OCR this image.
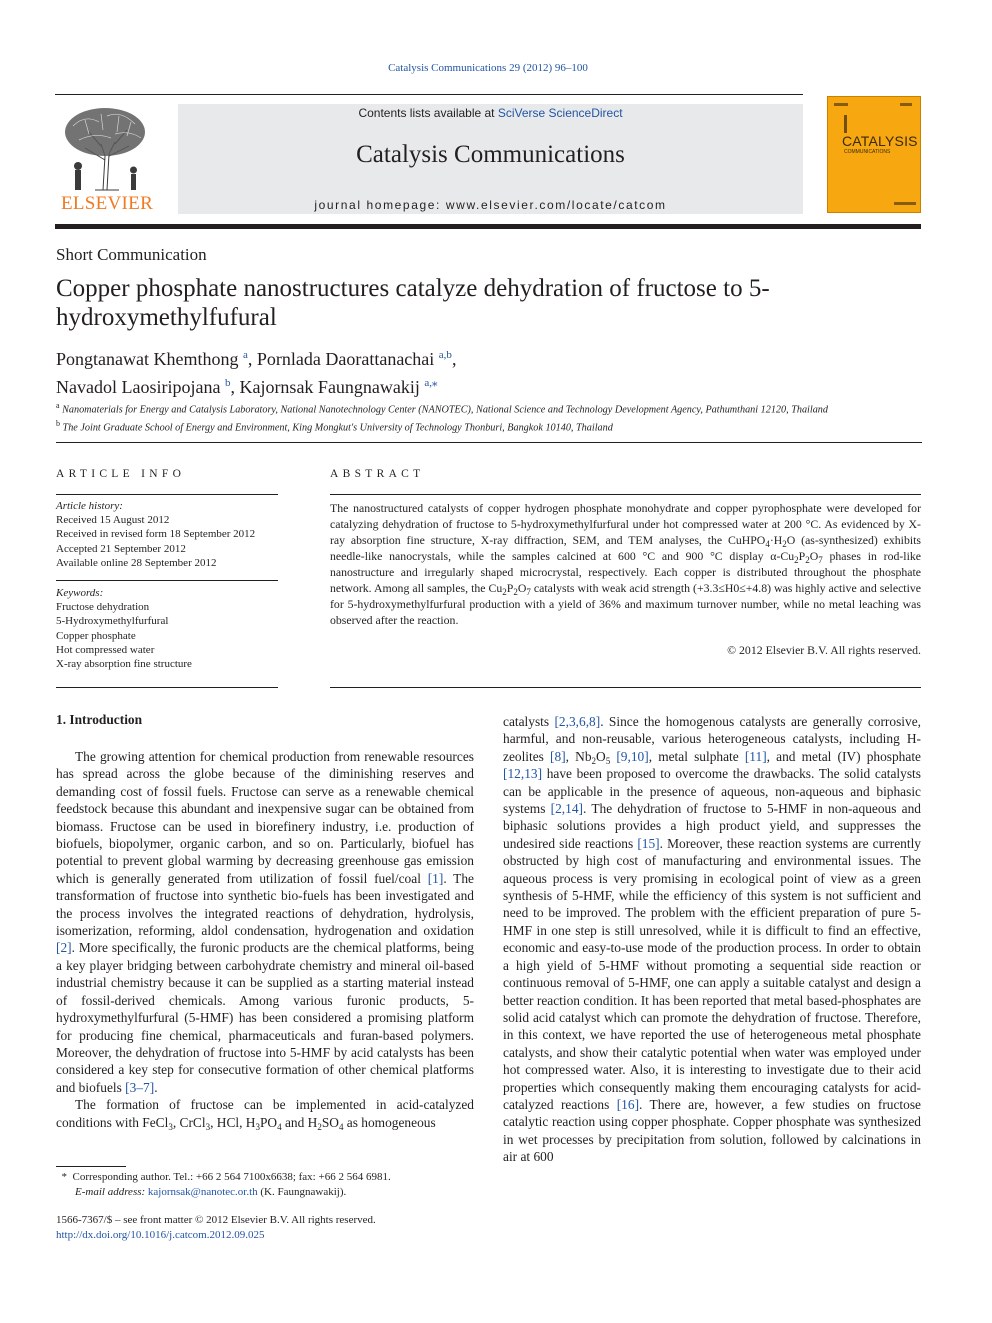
Catalysis Communications 29 (2012) 96–100
ELSEVIER
Contents lists available at SciVerse ScienceDirect
Catalysis Communications
journal homepage: www.elsevier.com/locate/catcom
CATALYSIS
COMMUNICATIONS
Short Communication
Copper phosphate nanostructures catalyze dehydration of fructose to 5-hydroxymethylfufural
Pongtanawat Khemthong $^a$, Pornlada Daorattanachai $^{a,b}$,
Navadol Laosiripojana $^b$, Kajornsak Faungnawakij $^{a,⁎}$
$^a$ Nanomaterials for Energy and Catalysis Laboratory, National Nanotechnology Center (NANOTEC), National Science and Technology Development Agency, Pathumthani 12120, Thailand
$^b$ The Joint Graduate School of Energy and Environment, King Mongkut's University of Technology Thonburi, Bangkok 10140, Thailand
ARTICLE INFO	ABSTRACT
Article history:
Received 15 August 2012
Received in revised form 18 September 2012
Accepted 21 September 2012
Available online 28 September 2012
Keywords:
Fructose dehydration
5-Hydroxymethylfurfural
Copper phosphate
Hot compressed water
X-ray absorption fine structure
The nanostructured catalysts of copper hydrogen phosphate monohydrate and copper pyrophosphate were developed for catalyzing dehydration of fructose to 5-hydroxymethylfurfural under hot compressed water at 200 °C. As evidenced by X-ray absorption fine structure, X-ray diffraction, SEM, and TEM analyses, the $CuHPO_4\cdot H_2O$ (as-synthesized) exhibits needle-like nanocrystals, while the samples calcined at 600 °C and 900 °C display $\alpha-Cu_2P_2O_7$ phases in rod-like nanostructure and irregularly shaped microcrystal, respectively. Each copper is distributed throughout the phosphate network. Among all samples, the $Cu_2P_2O_7$ catalysts with weak acid strength (+3.3≤H0≤+4.8) was highly active and selective for 5-hydroxymethylfurfural production with a yield of 36% and maximum turnover number, while no metal leaching was observed after the reaction.
© 2012 Elsevier B.V. All rights reserved.
1. Introduction

The growing attention for chemical production from renewable resources has spread across the globe because of the diminishing reserves and demanding cost of fossil fuels. Fructose can serve as a renewable chemical feedstock because this abundant and inexpensive sugar can be obtained from biomass. Fructose can be used in biorefinery industry, i.e. production of biofuels, biopolymer, organic carbon, and so on. Particularly, biofuel has potential to prevent global warming by decreasing greenhouse gas emission which is generally generated from utilization of fossil fuel/coal [1]. The transformation of fructose into synthetic bio-fuels has been investigated and the process involves the integrated reactions of dehydration, hydrolysis, isomerization, reforming, aldol condensation, hydrogenation and oxidation [2]. More specifically, the furonic products are the chemical platforms, being a key player bridging between carbohydrate chemistry and mineral oil-based industrial chemistry because it can be supplied as a starting material instead of fossil-derived chemicals. Among various furonic products, 5-hydroxymethylfurfural (5-HMF) has been considered a promising platform for producing fine chemical, pharmaceuticals and furan-based polymers. Moreover, the dehydration of fructose into 5-HMF by acid catalysts has been considered a key step for consecutive formation of other chemical platforms and biofuels [3–7].

The formation of fructose can be implemented in acid-catalyzed conditions with FeCl$_3$, CrCl$_3$, HCl, $H_3PO_4$ and $H_2SO_4$ as homogeneous

catalysts [2,3,6,8]. Since the homogenous catalysts are generally corrosive, harmful, and non-reusable, various heterogeneous catalysts, including H-zeolites [8], $Nb_2O_5$ [9,10], metal sulphate [11], and metal (IV) phosphate [12,13] have been proposed to overcome the drawbacks. The solid catalysts can be applicable in the presence of aqueous, non-aqueous and biphasic systems [2,14]. The dehydration of fructose to 5-HMF in non-aqueous and biphasic solutions provides a high product yield, and suppresses the undesired side reactions [15]. Moreover, these reaction systems are currently obstructed by high cost of manufacturing and environmental issues. The aqueous process is very promising in ecological point of view as a green synthesis of 5-HMF, while the efficiency of this system is not sufficient and need to be improved. The problem with the efficient preparation of pure 5-HMF in one step is still unresolved, while it is difficult to find an effective, economic and easy-to-use mode of the production process. In order to obtain a high yield of 5-HMF without promoting a sequential side reaction or continuous removal of 5-HMF, one can apply a suitable catalyst and design a better reaction condition. It has been reported that metal based-phosphates are solid acid catalyst which can promote the dehydration of fructose. Therefore, in this context, we have reported the use of heterogeneous metal phosphate catalysts, and show their catalytic potential when water was employed under hot compressed water. Also, it is interesting to investigate due to their acid properties which consequently making them encouraging catalysts for acid-catalyzed reactions [16]. There are, however, a few studies on fructose catalytic reaction using copper phosphate. Copper phosphate was synthesized in wet processes by precipitation from solution, followed by calcinations in air at 600

* Corresponding author. Tel.: +66 2 564 7100x6638; fax: +66 2 564 6981.
E-mail address: kajornsak@nanotec.or.th (K. Faungnawakij).
1566-7367/$ – see front matter © 2012 Elsevier B.V. All rights reserved.
http://dx.doi.org/10.1016/j.catcom.2012.09.025
